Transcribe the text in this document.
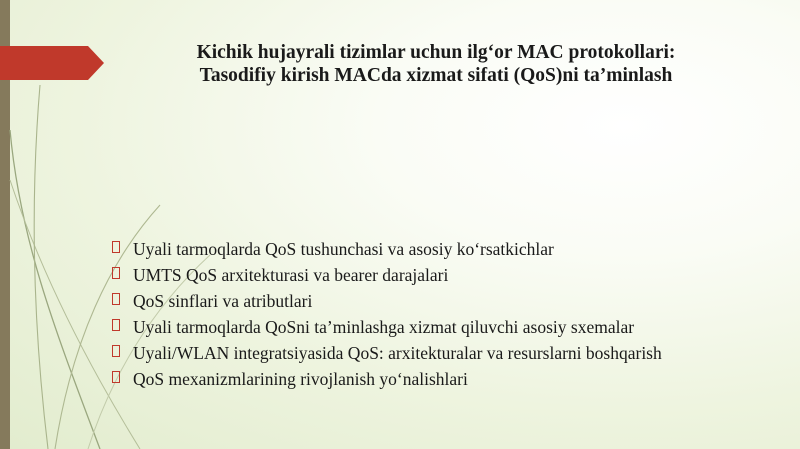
Kichik hujayrali tizimlar uchun ilg‘or MAC protokollari:
Tasodifiy kirish MACda xizmat sifati (QoS)ni ta’minlash
Uyali tarmoqlarda QoS tushunchasi va asosiy ko‘rsatkichlar
UMTS QoS arxitekturasi va bearer darajalari
QoS sinflari va atributlari
Uyali tarmoqlarda QoSni ta’minlashga xizmat qiluvchi asosiy sxemalar
Uyali/WLAN integratsiyasida QoS: arxitekturalar va resurslarni boshqarish
QoS mexanizmlarining rivojlanish yo‘nalishlari
